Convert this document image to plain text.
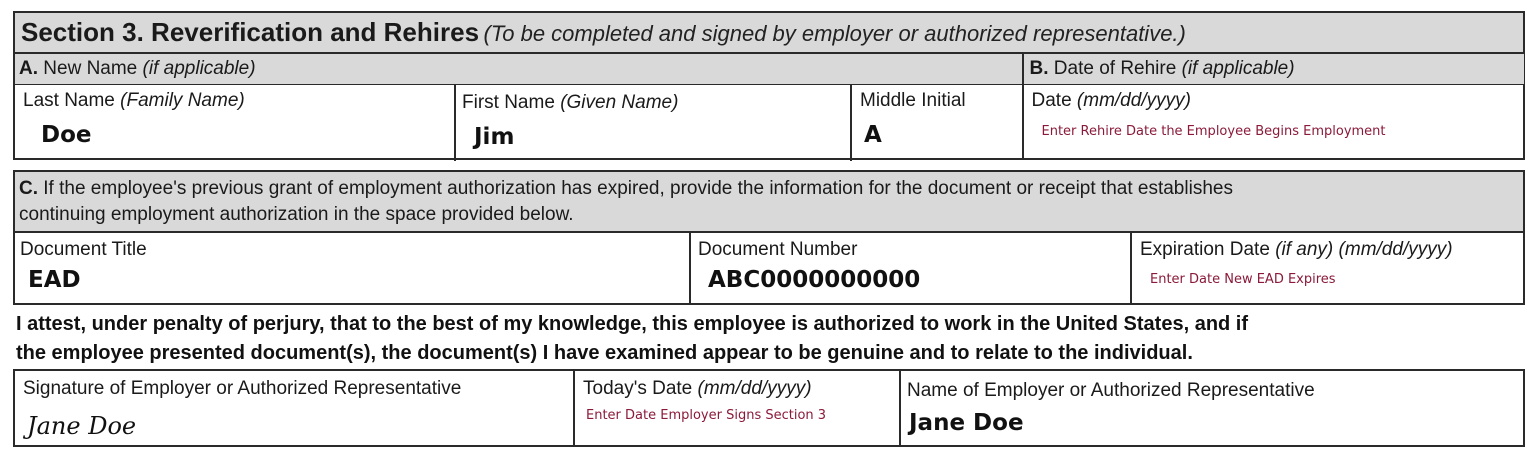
Section 3. Reverification and Rehires (To be completed and signed by employer or authorized representative.)
A. New Name (if applicable)	B. Date of Rehire (if applicable)
Last Name (Family Name)
Doe
First Name (Given Name)
Jim
Middle Initial
A
Date (mm/dd/yyyy)
Enter Rehire Date the Employee Begins Employment
C. If the employee's previous grant of employment authorization has expired, provide the information for the document or receipt that establishes
continuing employment authorization in the space provided below.
Document Title
EAD
Document Number
ABC0000000000
Expiration Date (if any) (mm/dd/yyyy)
Enter Date New EAD Expires
I attest, under penalty of perjury, that to the best of my knowledge, this employee is authorized to work in the United States, and if
the employee presented document(s), the document(s) I have examined appear to be genuine and to relate to the individual.
Signature of Employer or Authorized Representative
Jane Doe
Today's Date (mm/dd/yyyy)
Enter Date Employer Signs Section 3
Name of Employer or Authorized Representative
Jane Doe
